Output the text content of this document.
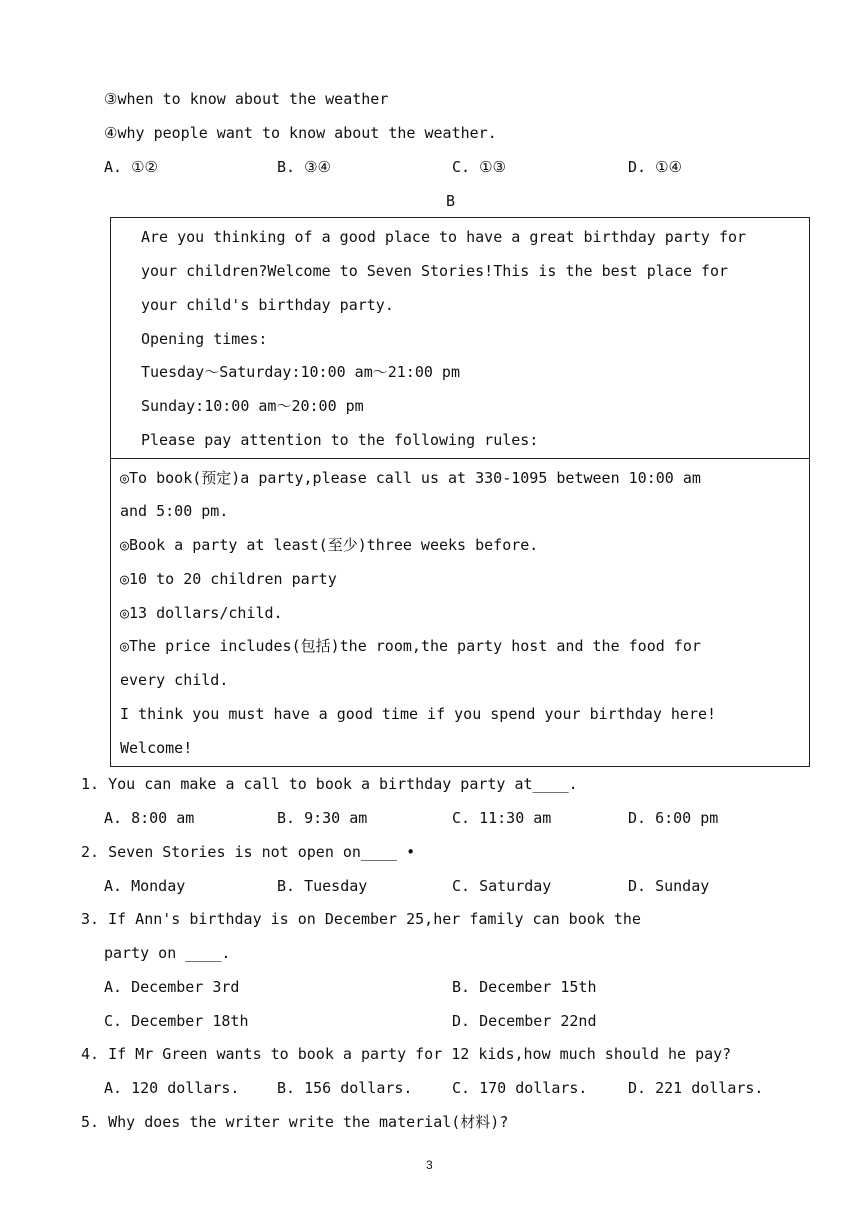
③when to know about the weather
④why people want to know about the weather.
A. ①②	B. ③④	C. ①③	D. ①④
B
Are you thinking of a good place to have a great birthday party for
your children?Welcome to Seven Stories!This is the best place for
your child's birthday party.
Opening times:
Tuesday～Saturday:10:00 am～21:00 pm
Sunday:10:00 am～20:00 pm
Please pay attention to the following rules:
◎To book(预定)a party,please call us at 330-1095 between 10:00 am
and 5:00 pm.
◎Book a party at least(至少)three weeks before.
◎10 to 20 children party
◎13 dollars/child.
◎The price includes(包括)the room,the party host and the food for
every child.
I think you must have a good time if you spend your birthday here!
Welcome!
1. You can make a call to book a birthday party at____.
A. 8:00 am	B. 9:30 am	C. 11:30 am	D. 6:00 pm
2. Seven Stories is not open on____ •
A. Monday	B. Tuesday	C. Saturday	D. Sunday
3. If Ann's birthday is on December 25,her family can book the
party on ____.
A. December 3rd	B. December 15th
C. December 18th	D. December 22nd
4. If Mr Green wants to book a party for 12 kids,how much should he pay?
A. 120 dollars.	B. 156 dollars.	C. 170 dollars.	D. 221 dollars.
5. Why does the writer write the material(材料)?
3
